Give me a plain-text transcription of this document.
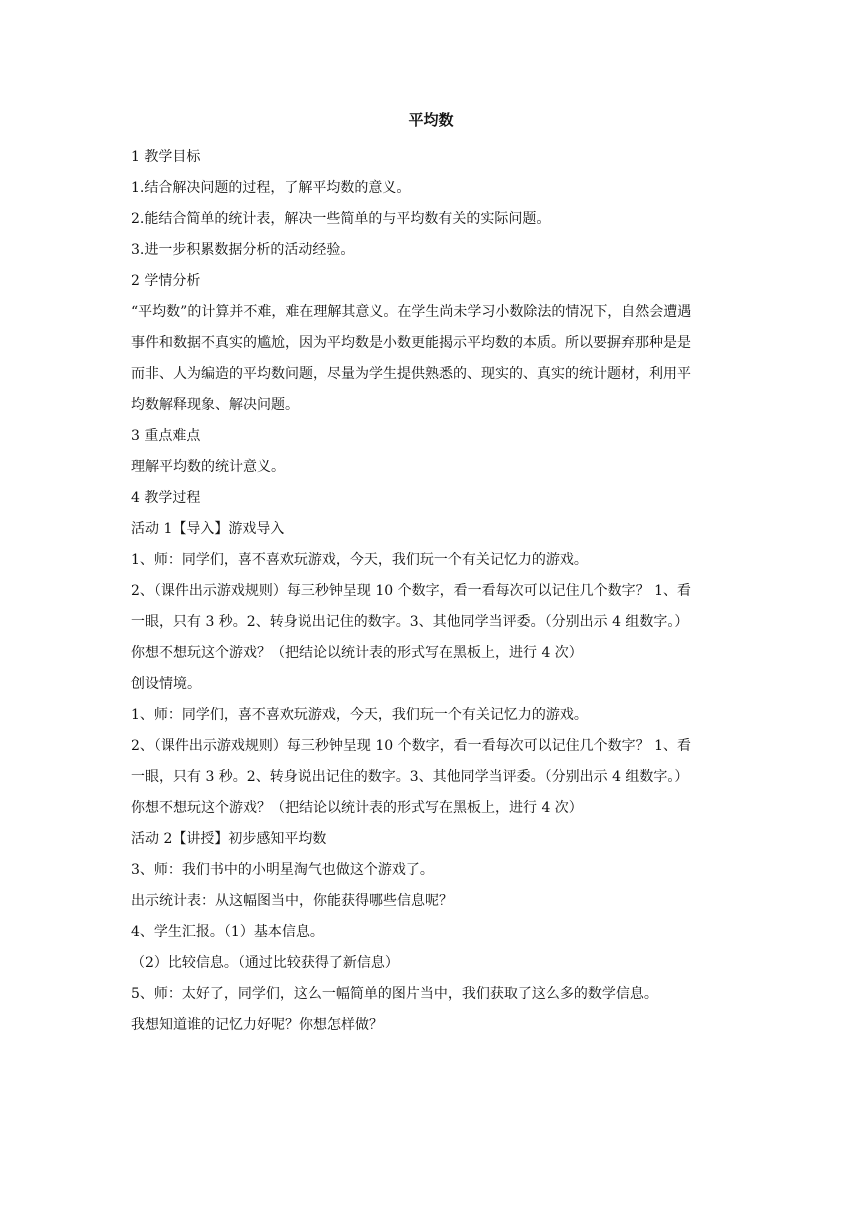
平均数
1 教学目标
1.结合解决问题的过程，了解平均数的意义。
2.能结合简单的统计表，解决一些简单的与平均数有关的实际问题。
3.进一步积累数据分析的活动经验。
2 学情分析
“平均数”的计算并不难，难在理解其意义。在学生尚未学习小数除法的情况下，自然会遭遇
事件和数据不真实的尴尬，因为平均数是小数更能揭示平均数的本质。所以要摒弃那种是是
而非、人为编造的平均数问题，尽量为学生提供熟悉的、现实的、真实的统计题材，利用平
均数解释现象、解决问题。
3 重点难点
理解平均数的统计意义。
4 教学过程
活动 1【导入】游戏导入
1、师：同学们，喜不喜欢玩游戏，今天，我们玩一个有关记忆力的游戏。
2、（课件出示游戏规则）每三秒钟呈现 10 个数字，看一看每次可以记住几个数字？ 1、看
一眼，只有 3 秒。2、转身说出记住的数字。3、其他同学当评委。（分别出示 4 组数字。）
你想不想玩这个游戏？（把结论以统计表的形式写在黑板上，进行 4 次）
创设情境。
1、师：同学们，喜不喜欢玩游戏，今天，我们玩一个有关记忆力的游戏。
2、（课件出示游戏规则）每三秒钟呈现 10 个数字，看一看每次可以记住几个数字？ 1、看
一眼，只有 3 秒。2、转身说出记住的数字。3、其他同学当评委。（分别出示 4 组数字。）
你想不想玩这个游戏？（把结论以统计表的形式写在黑板上，进行 4 次）
活动 2【讲授】初步感知平均数
3、师：我们书中的小明星淘气也做这个游戏了。
出示统计表：从这幅图当中，你能获得哪些信息呢？
4、学生汇报。（1）基本信息。
（2）比较信息。（通过比较获得了新信息）
5、师：太好了，同学们，这么一幅简单的图片当中，我们获取了这么多的数学信息。
我想知道谁的记忆力好呢？你想怎样做？
